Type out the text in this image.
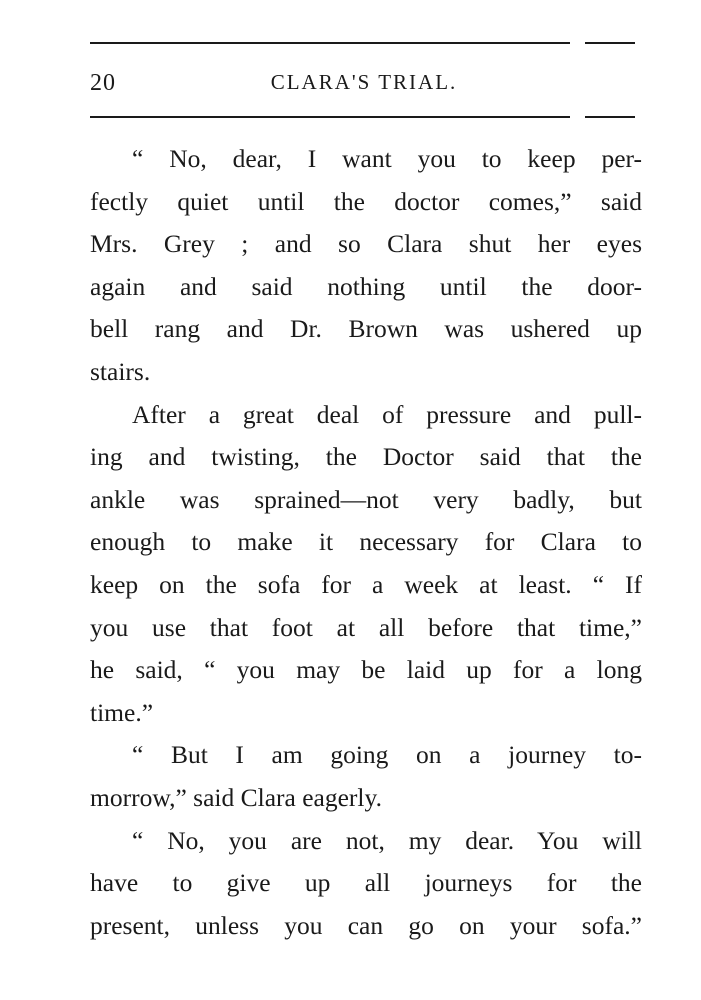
20	CLARA'S TRIAL.

“ No, dear, I want you to keep per-
fectly quiet until the doctor comes,” said
Mrs. Grey ; and so Clara shut her eyes
again and said nothing until the door-
bell rang and Dr. Brown was ushered up
stairs.

After a great deal of pressure and pull-
ing and twisting, the Doctor said that the
ankle was sprained—not very badly, but
enough to make it necessary for Clara to
keep on the sofa for a week at least. “ If
you use that foot at all before that time,”
he said, “ you may be laid up for a long
time.”

“ But I am going on a journey to-
morrow,” said Clara eagerly.

“ No, you are not, my dear. You will
have to give up all journeys for the
present, unless you can go on your sofa.”
